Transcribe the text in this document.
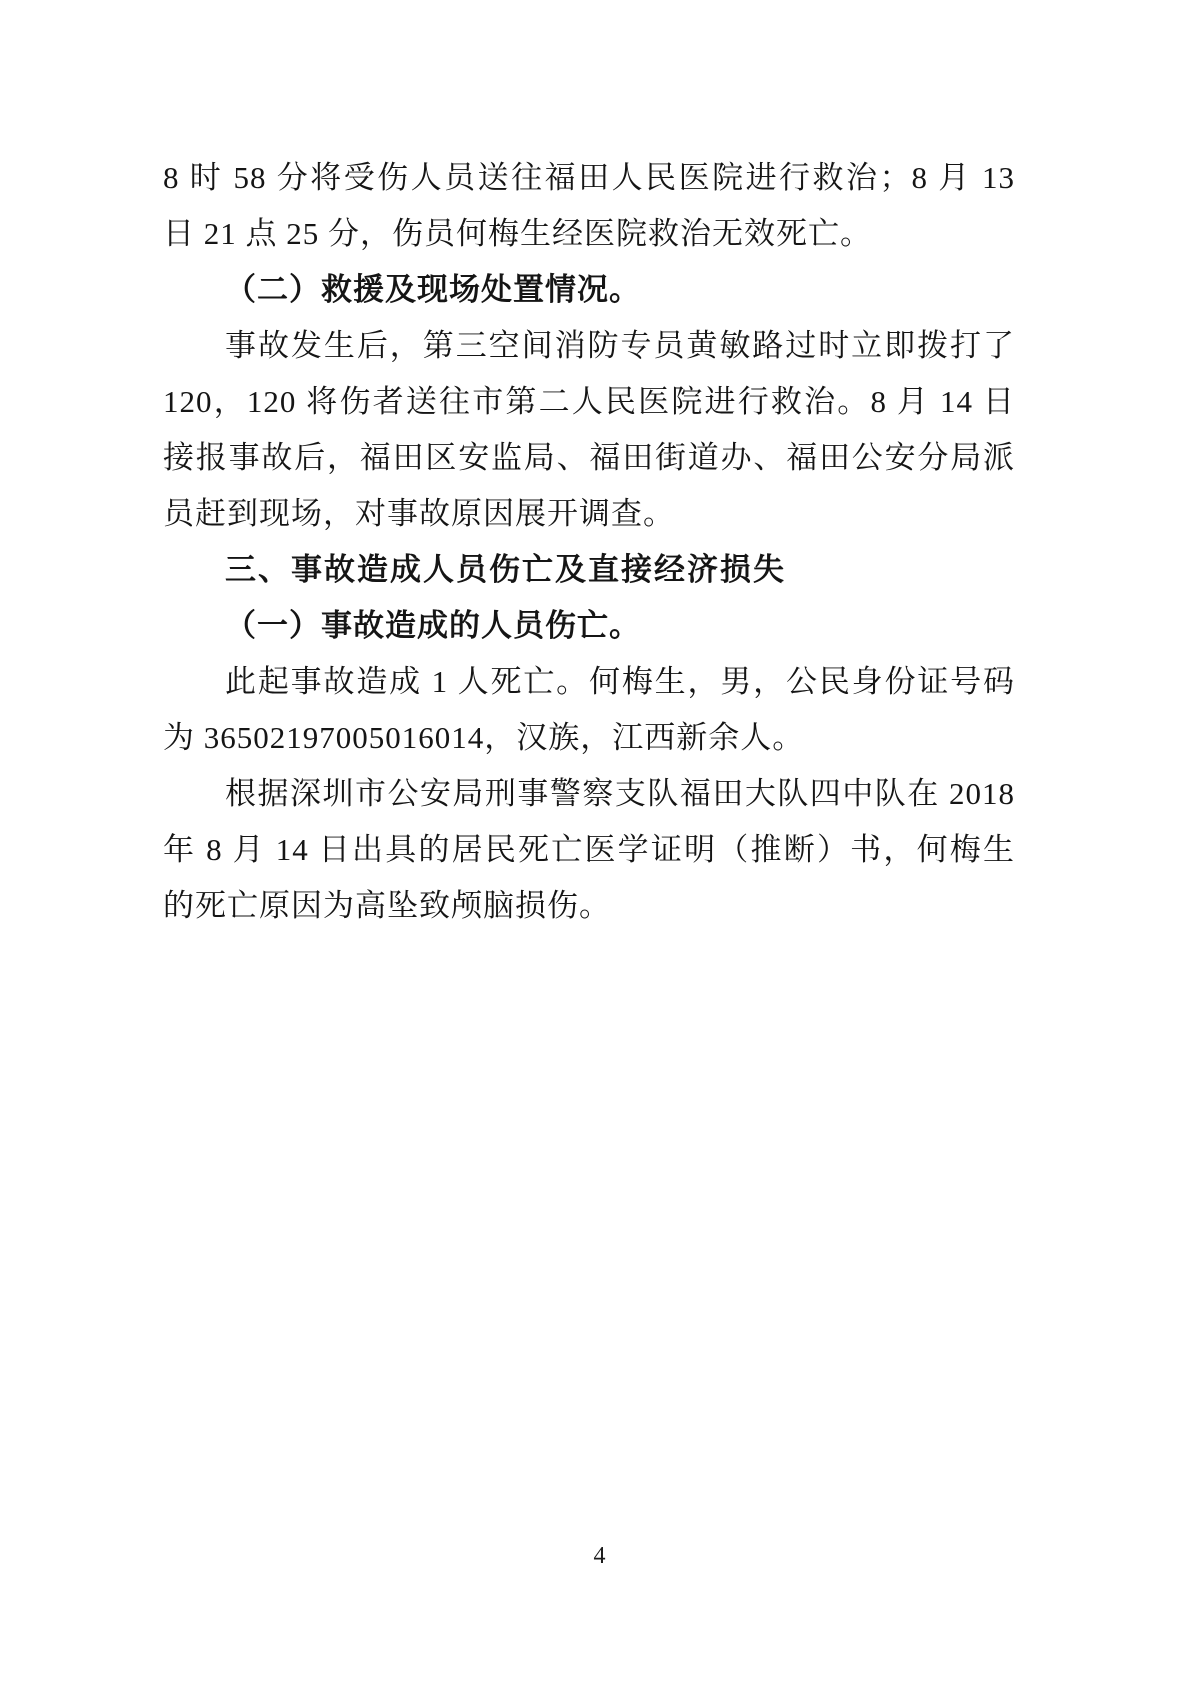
8 时 58 分将受伤人员送往福田人民医院进行救治；8 月 13 日 21 点 25 分，伤员何梅生经医院救治无效死亡。

（二）救援及现场处置情况。

事故发生后，第三空间消防专员黄敏路过时立即拨打了 120，120 将伤者送往市第二人民医院进行救治。8 月 14 日接报事故后，福田区安监局、福田街道办、福田公安分局派员赶到现场，对事故原因展开调查。

三、事故造成人员伤亡及直接经济损失

（一）事故造成的人员伤亡。

此起事故造成 1 人死亡。何梅生，男，公民身份证号码为 36502197005016014，汉族，江西新余人。

根据深圳市公安局刑事警察支队福田大队四中队在 2018 年 8 月 14 日出具的居民死亡医学证明（推断）书，何梅生的死亡原因为高坠致颅脑损伤。

4
